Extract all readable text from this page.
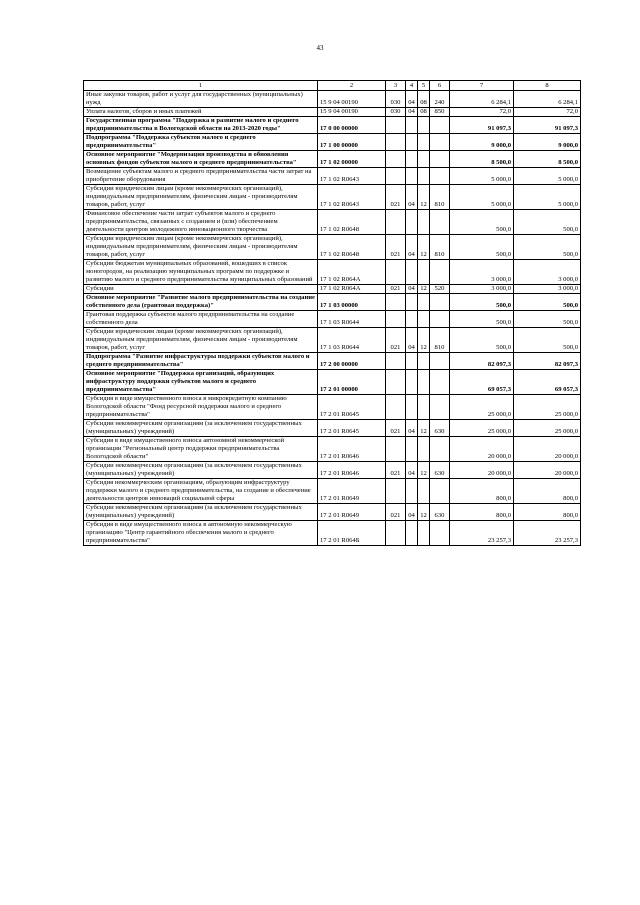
43
1	2	3	4	5	6	7	8
Иные закупки товаров, работ и услуг для государственных (муниципальных) нужд	15 9 04 00190	030	04	08	240	6 284,1	6 284,1
Уплата налогов, сборов и иных платежей	15 9 04 00190	030	04	08	850	72,0	72,0
Государственная программа "Поддержка и развитие малого и среднего предпринимательства в Вологодской области на 2013-2020 годы"	17 0 00 00000					91 097,3	91 097,3
Подпрограмма "Поддержка субъектов малого и среднего предпринимательства"	17 1 00 00000					9 000,0	9 000,0
Основное мероприятие "Модернизация производства и обновления основных фондов субъектов малого и среднего предпринимательства"	17 1 02 00000					8 500,0	8 500,0
Возмещение субъектам малого и среднего предпринимательства части затрат на приобретение оборудования	17 1 02 R0643					5 000,0	5 000,0
Субсидии юридическим лицам (кроме некоммерческих организаций), индивидуальным предпринимателям, физическим лицам - производителям товаров, работ, услуг	17 1 02 R0643	021	04	12	810	5 000,0	5 000,0
Финансовое обеспечение части затрат субъектов малого и среднего предпринимательства, связанных с созданием и (или) обеспечением деятельности центров молодежного инновационного творчества	17 1 02 R0648					500,0	500,0
Субсидии юридическим лицам (кроме некоммерческих организаций), индивидуальным предпринимателям, физическим лицам - производителям товаров, работ, услуг	17 1 02 R0648	021	04	12	810	500,0	500,0
Субсидии бюджетам муниципальных образований, вошедших в список моногородов, на реализацию муниципальных программ по поддержке и развитию малого и среднего предпринимательства муниципальных образований	17 1 02 R064A					3 000,0	3 000,0
Субсидии	17 1 02 R064A	021	04	12	520	3 000,0	3 000,0
Основное мероприятие "Развитие малого предпринимательства на создание собственного дела (грантовая поддержка)"	17 1 03 00000					500,0	500,0
Грантовая поддержка субъектов малого предпринимательства на создание собственного дела	17 1 03 R0644					500,0	500,0
Субсидии юридическим лицам (кроме некоммерческих организаций), индивидуальным предпринимателям, физическим лицам - производителям товаров, работ, услуг	17 1 03 R0644	021	04	12	810	500,0	500,0
Подпрограмма "Развитие инфраструктуры поддержки субъектов малого и среднего предпринимательства"	17 2 00 00000					82 097,3	82 097,3
Основное мероприятие "Поддержка организаций, образующих инфраструктуру поддержки субъектов малого и среднего предпринимательства"	17 2 01 00000					69 057,3	69 057,3
Субсидия в виде имущественного взноса в микрокредитную компанию Вологодской области "Фонд ресурсной поддержки малого и среднего предпринимательства"	17 2 01 R0645					25 000,0	25 000,0
Субсидии некоммерческим организациям (за исключением государственных (муниципальных) учреждений)	17 2 01 R0645	021	04	12	630	25 000,0	25 000,0
Субсидия в виде имущественного взноса автономной некоммерческой организации "Региональный центр поддержки предпринимательства Вологодской области"	17 2 01 R0646					20 000,0	20 000,0
Субсидии некоммерческим организациям (за исключением государственных (муниципальных) учреждений)	17 2 01 R0646	021	04	12	630	20 000,0	20 000,0
Субсидия некоммерческим организациям, образующим инфраструктуру поддержки малого и среднего предпринимательства, на создание и обеспечение деятельности центров инноваций социальной сферы	17 2 01 R0649					800,0	800,0
Субсидии некоммерческим организациям (за исключением государственных (муниципальных) учреждений)	17 2 01 R0649	021	04	12	630	800,0	800,0
Субсидия в виде имущественного взноса в автономную некоммерческую организацию "Центр гарантийного обеспечения малого и среднего предпринимательства"	17 2 01 R064Б					23 257,3	23 257,3
